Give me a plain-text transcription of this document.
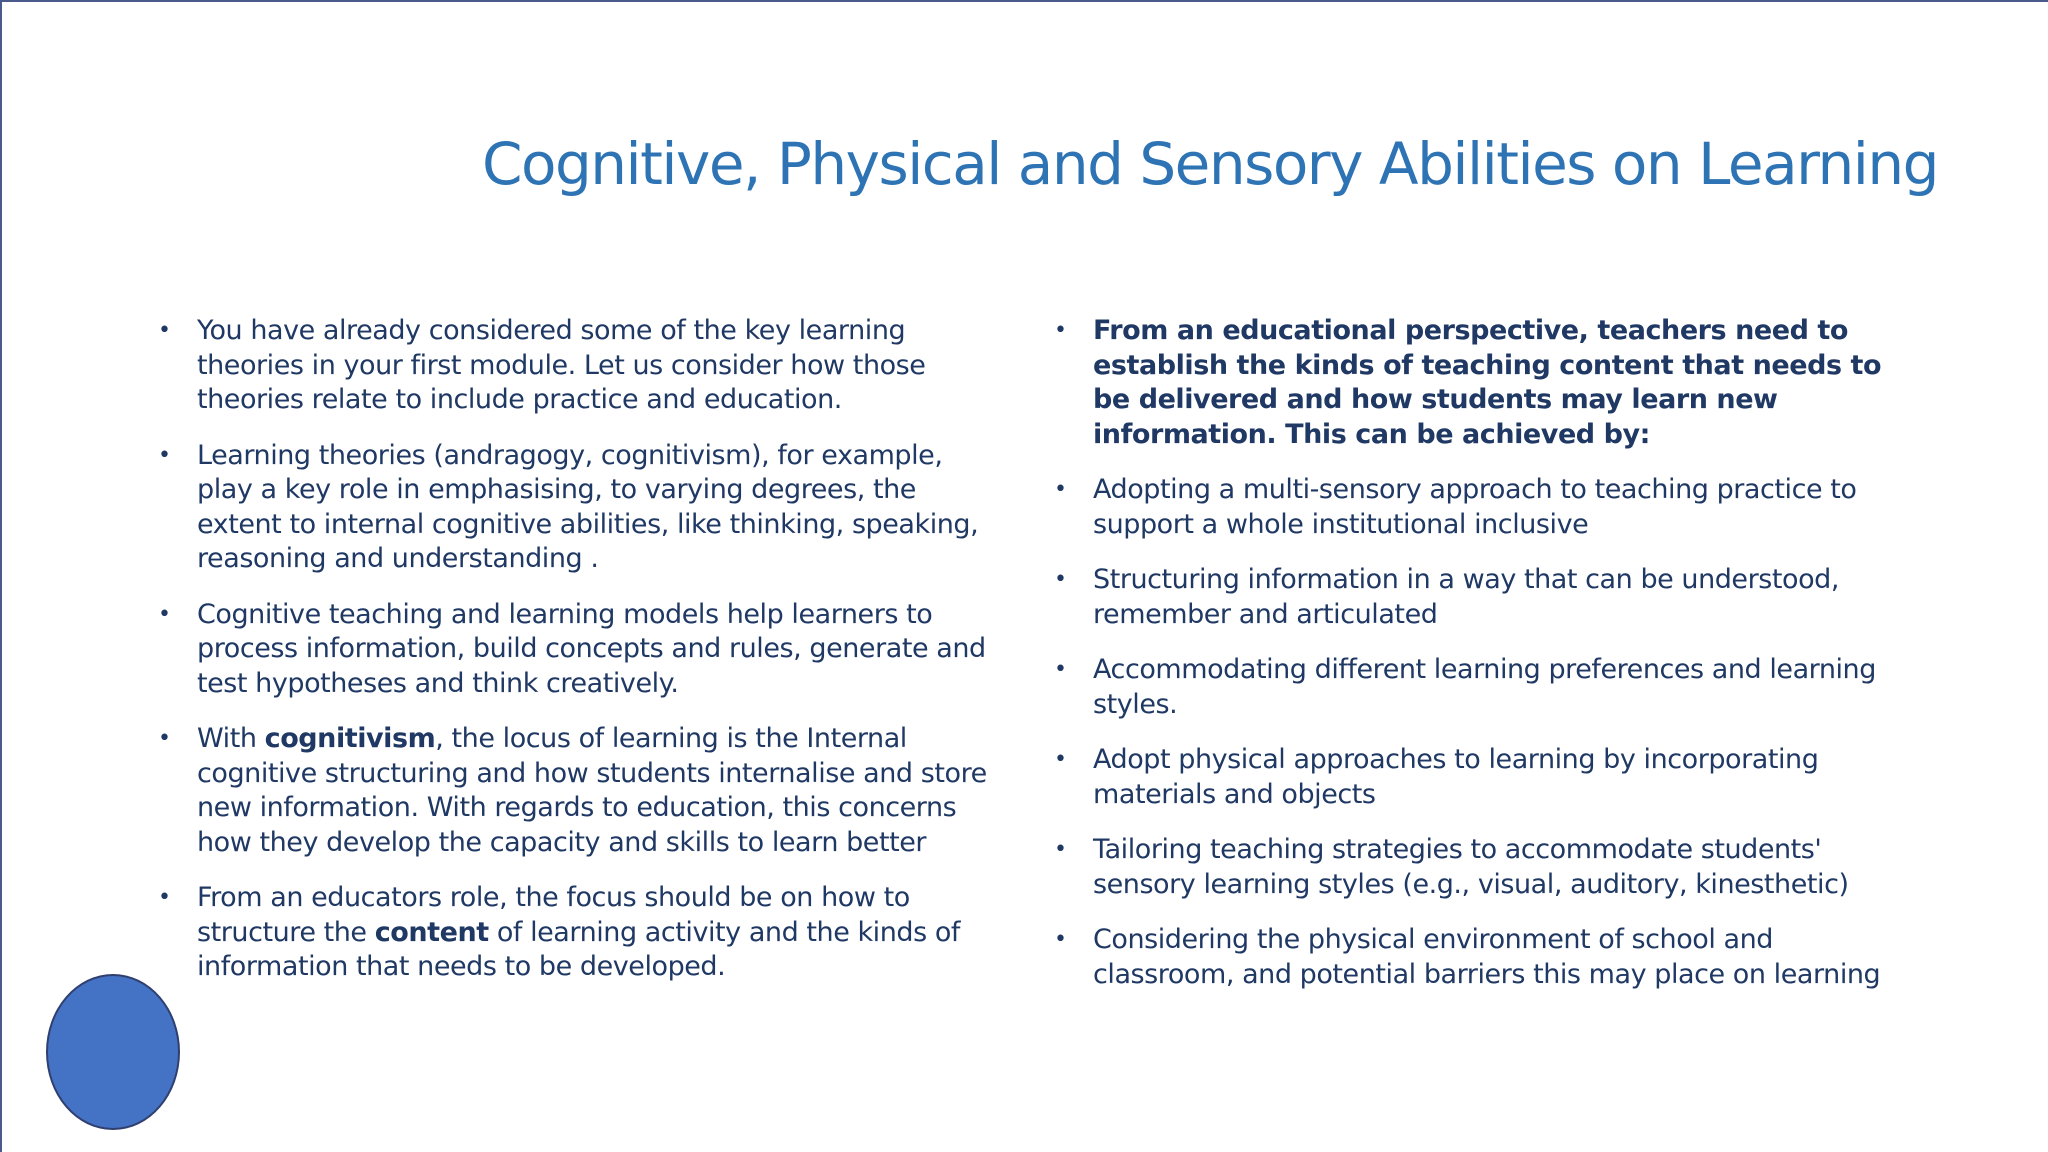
Cognitive, Physical and Sensory Abilities on Learning
• You have already considered some of the key learning theories in your first module. Let us consider how those theories relate to include practice and education.
• Learning theories (andragogy, cognitivism), for example, play a key role in emphasising, to varying degrees, the extent to internal cognitive abilities, like thinking, speaking, reasoning and understanding .
• Cognitive teaching and learning models help learners to process information, build concepts and rules, generate and test hypotheses and think creatively.
• With cognitivism, the locus of learning is the Internal cognitive structuring and how students internalise and store new information. With regards to education, this concerns how they develop the capacity and skills to learn better
• From an educators role, the focus should be on how to structure the content of learning activity and the kinds of information that needs to be developed.
• From an educational perspective, teachers need to establish the kinds of teaching content that needs to be delivered and how students may learn new information. This can be achieved by:
• Adopting a multi-sensory approach to teaching practice to support a whole institutional inclusive
• Structuring information in a way that can be understood, remember and articulated
• Accommodating different learning preferences and learning styles.
• Adopt physical approaches to learning by incorporating materials and objects
• Tailoring teaching strategies to accommodate students' sensory learning styles (e.g., visual, auditory, kinesthetic)
• Considering the physical environment of school and classroom, and potential barriers this may place on learning
